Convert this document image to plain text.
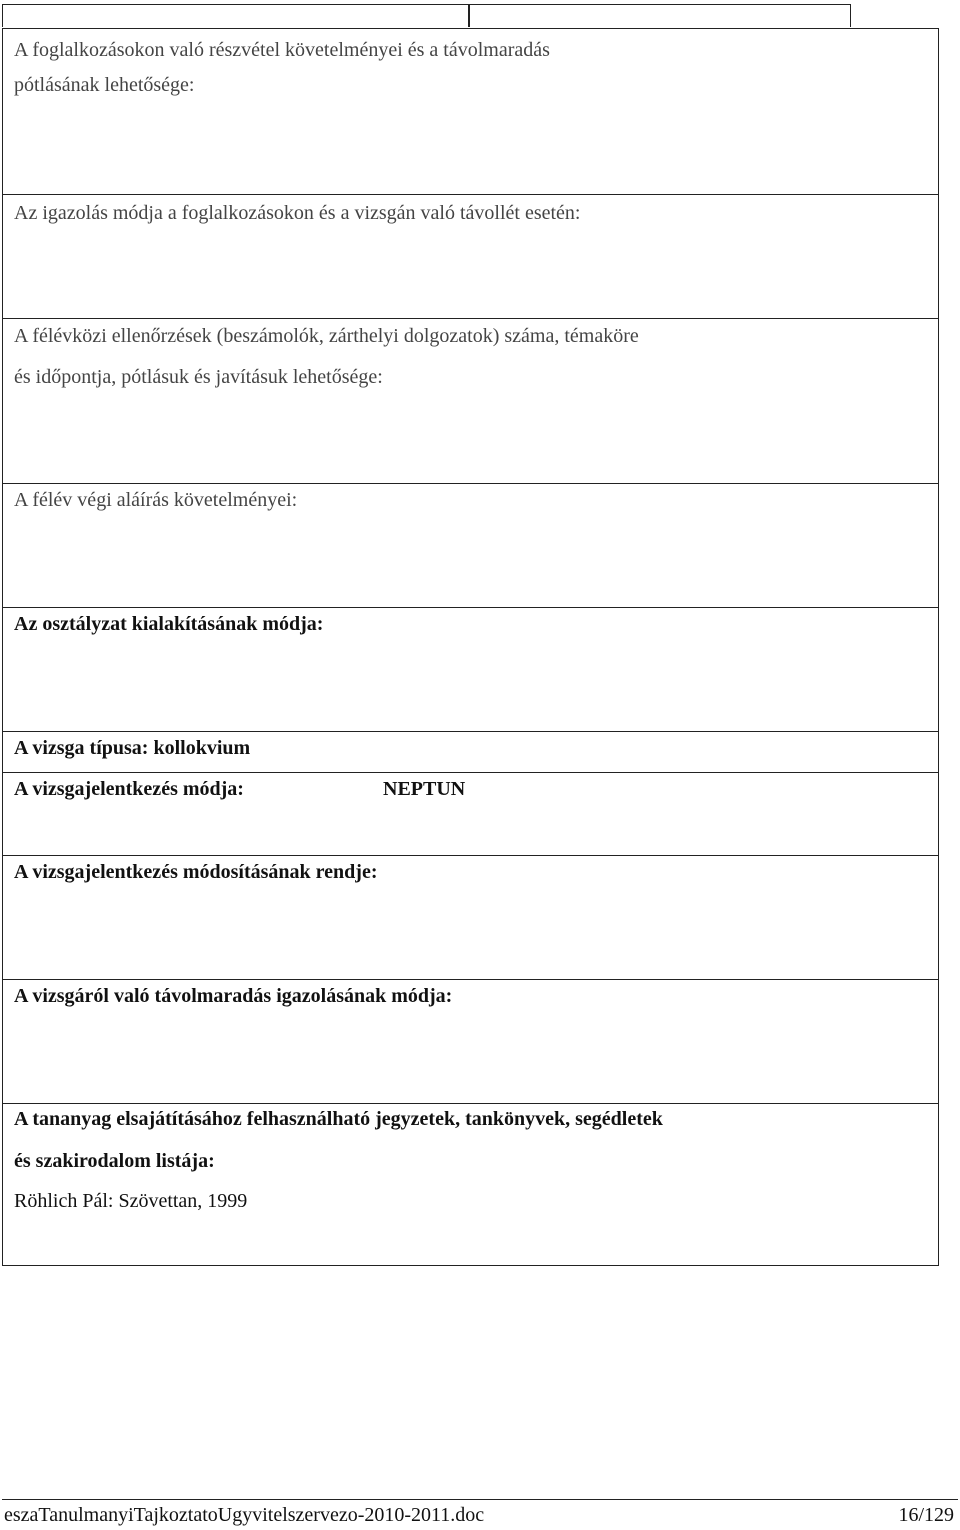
A foglalkozásokon való részvétel követelményei és a távolmaradás
pótlásának lehetősége:
Az igazolás módja a foglalkozásokon és a vizsgán való távollét esetén:
A félévközi ellenőrzések (beszámolók, zárthelyi dolgozatok) száma, témaköre
és időpontja, pótlásuk és javításuk lehetősége:
A félév végi aláírás követelményei:
Az osztályzat kialakításának módja:
A vizsga típusa: kollokvium
A vizsgajelentkezés módja:	NEPTUN
A vizsgajelentkezés módosításának rendje:
A vizsgáról való távolmaradás igazolásának módja:
A tananyag elsajátításához felhasználható jegyzetek, tankönyvek, segédletek
és szakirodalom listája:
Röhlich Pál: Szövettan, 1999
eszaTanulmanyiTajkoztatoUgyvitelszervezo-2010-2011.doc	16/129
